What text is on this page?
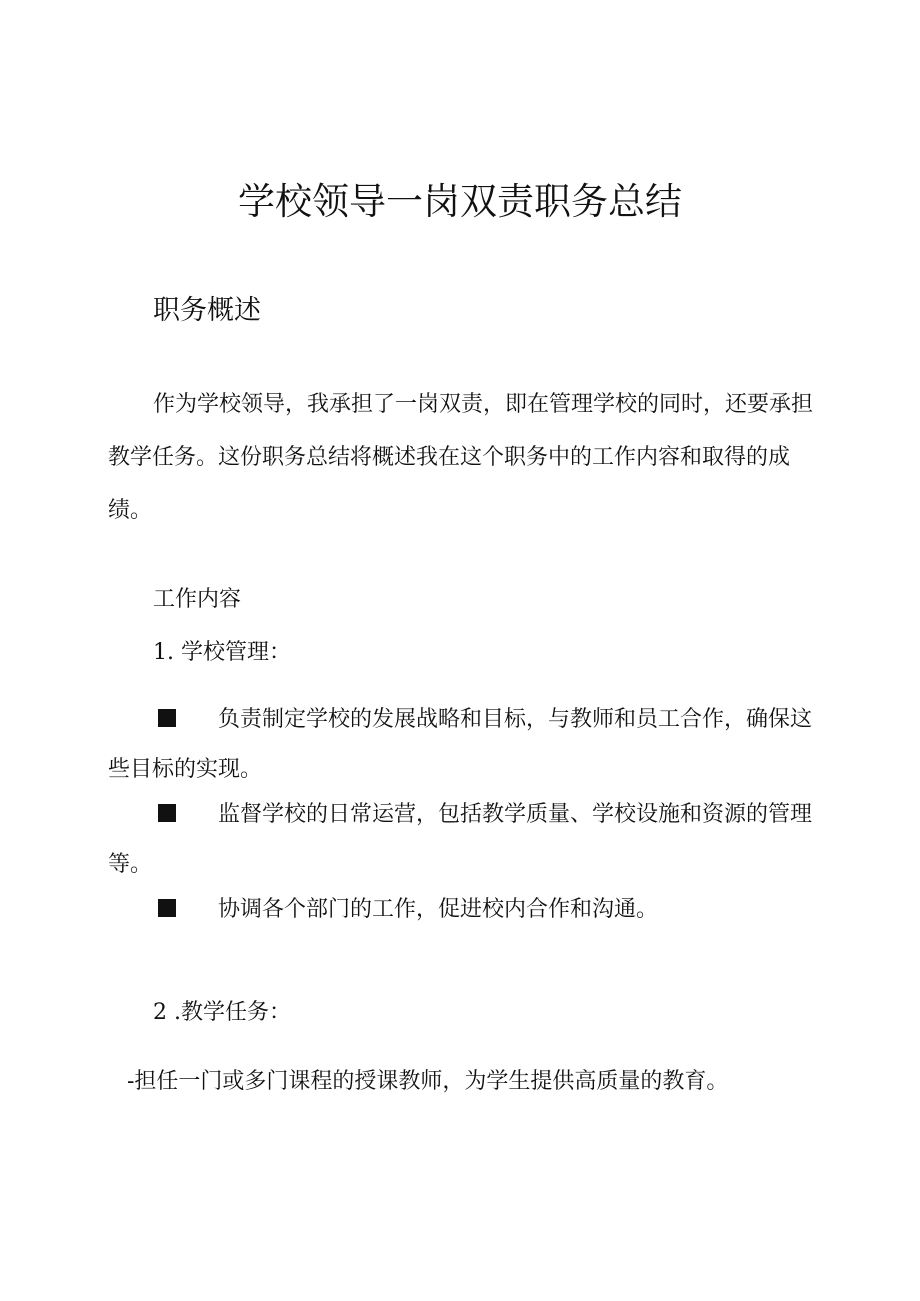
学校领导一岗双责职务总结
职务概述

作为学校领导，我承担了一岗双责，即在管理学校的同时，还要承担教学任务。这份职务总结将概述我在这个职务中的工作内容和取得的成绩。

工作内容

1. 学校管理：

负责制定学校的发展战略和目标，与教师和员工合作，确保这些目标的实现。

监督学校的日常运营，包括教学质量、学校设施和资源的管理等。

协调各个部门的工作，促进校内合作和沟通。

2 .教学任务：

-担任一门或多门课程的授课教师，为学生提供高质量的教育。
